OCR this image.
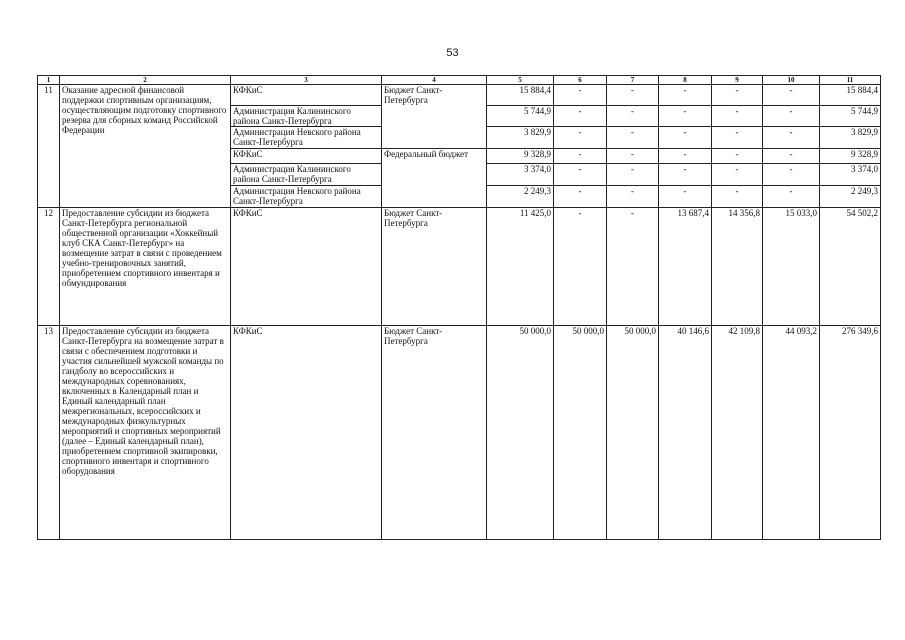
53
1	2	3	4	5	6	7	8	9	10	11
11	Оказание адресной финансовой поддержки спортивным организациям, осуществляющим подготовку спортивного резерва для сборных команд Российской Федерации	КФКиС	Бюджет Санкт-Петербурга	15 884,4	-	-	-	-	-	15 884,4
		Администрация Калининского района Санкт-Петербурга		5 744,9	-	-	-	-	-	5 744,9
		Администрация Невского района Санкт-Петербурга		3 829,9	-	-	-	-	-	3 829,9
		КФКиС	Федеральный бюджет	9 328,9	-	-	-	-	-	9 328,9
		Администрация Калининского района Санкт-Петербурга		3 374,0	-	-	-	-	-	3 374,0
		Администрация Невского района Санкт-Петербурга		2 249,3	-	-	-	-	-	2 249,3
12	Предоставление субсидии из бюджета Санкт-Петербурга региональной общественной организации «Хоккейный клуб СКА Санкт-Петербург» на возмещение затрат в связи с проведением учебно-тренировочных занятий, приобретением спортивного инвентаря и обмундирования	КФКиС	Бюджет Санкт-Петербурга	11 425,0	-	-	13 687,4	14 356,8	15 033,0	54 502,2
13	Предоставление субсидии из бюджета Санкт-Петербурга на возмещение затрат в связи с обеспечением подготовки и участия сильнейшей мужской команды по гандболу во всероссийских и международных соревнованиях, включенных в Календарный план и Единый календарный план межрегиональных, всероссийских и международных физкультурных мероприятий и спортивных мероприятий (далее – Единый календарный план), приобретением спортивной экипировки, спортивного инвентаря и спортивного оборудования	КФКиС	Бюджет Санкт-Петербурга	50 000,0	50 000,0	50 000,0	40 146,6	42 109,8	44 093,2	276 349,6
